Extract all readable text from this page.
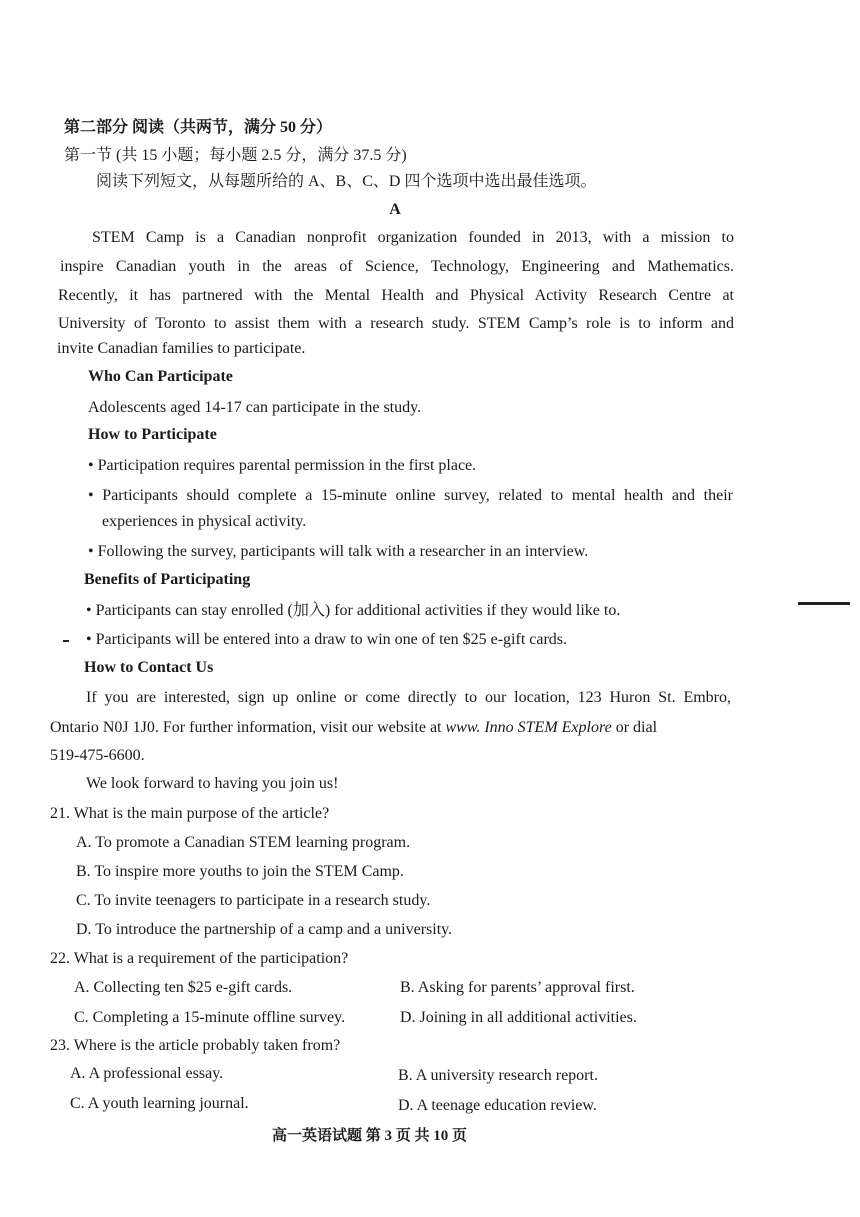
第二部分 阅读（共两节，满分 50 分）
第一节 (共 15 小题；每小题 2.5 分，满分 37.5 分)
阅读下列短文，从每题所给的 A、B、C、D 四个选项中选出最佳选项。
A
STEM Camp is a Canadian nonprofit organization founded in 2013, with a mission to
inspire Canadian youth in the areas of Science, Technology, Engineering and Mathematics.
Recently, it has partnered with the Mental Health and Physical Activity Research Centre at
University of Toronto to assist them with a research study. STEM Camp’s role is to inform and
invite Canadian families to participate.
Who Can Participate
Adolescents aged 14-17 can participate in the study.
How to Participate
• Participation requires parental permission in the first place.
• Participants should complete a 15-minute online survey, related to mental health and their
experiences in physical activity.
• Following the survey, participants will talk with a researcher in an interview.
Benefits of Participating
• Participants can stay enrolled (加入) for additional activities if they would like to.
• Participants will be entered into a draw to win one of ten $25 e-gift cards.
How to Contact Us
If you are interested, sign up online or come directly to our location, 123 Huron St. Embro,
Ontario N0J 1J0. For further information, visit our website at www. Inno STEM Explore or dial
519-475-6600.
We look forward to having you join us!
21. What is the main purpose of the article?
A. To promote a Canadian STEM learning program.
B. To inspire more youths to join the STEM Camp.
C. To invite teenagers to participate in a research study.
D. To introduce the partnership of a camp and a university.
22. What is a requirement of the participation?
A. Collecting ten $25 e-gift cards.	B. Asking for parents’ approval first.
C. Completing a 15-minute offline survey.	D. Joining in all additional activities.
23. Where is the article probably taken from?
A. A professional essay.	B. A university research report.
C. A youth learning journal.	D. A teenage education review.
高一英语试题 第 3 页 共 10 页
